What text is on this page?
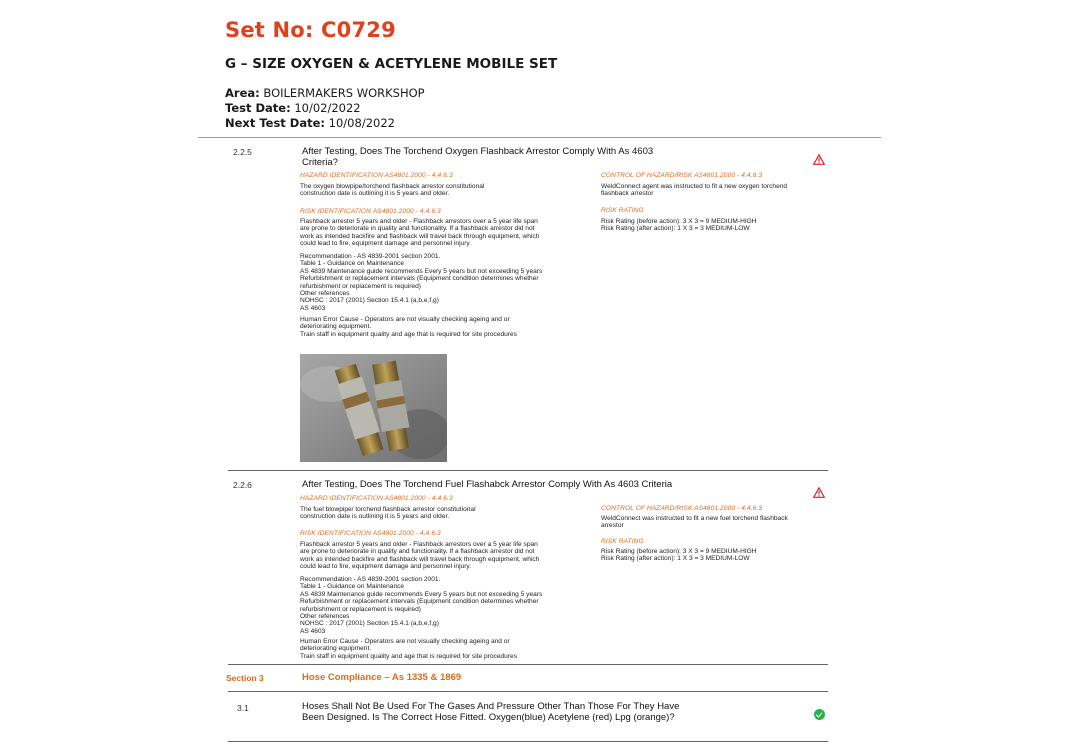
Set No: C0729
G – SIZE OXYGEN & ACETYLENE MOBILE SET
Area: BOILERMAKERS WORKSHOP
Test Date: 10/02/2022
Next Test Date: 10/08/2022
2.2.5	After Testing, Does The Torchend Oxygen Flashback Arrestor Comply With As 4603 Criteria?
HAZARD IDENTIFICATION AS4801.2000 - 4.4.6.3
The oxygen blowpipe/torchend flashback arrestor constitutional construction date is outlining it is 5 years and older.
RISK IDENTIFICATION AS4801.2000 - 4.4.6.3
Flashback arrestor 5 years and older - Flashback arrestors over a 5 year life span are prone to deteriorate in quality and functionality. If a flashback arrestor did not work as intended backfire and flashback will travel back through equipment, which could lead to fire, equipment damage and personnel injury.
Recommendation - AS 4839-2001 section 2001.
Table 1 - Guidance on Maintenance
AS 4839 Maintenance guide recommends Every 5 years but not exceeding 5 years Refurbishment or replacement intervals (Equipment condition determines whether refurbishment or replacement is required)
Other references
NOHSC : 2017 (2001) Section 15.4.1 (a,b,e,f,g)
AS 4603
Human Error Cause - Operators are not visually checking ageing and or deteriorating equipment.
Train staff in equipment quality and age that is required for site procedures
CONTROL OF HAZARD/RISK AS4801.2000 - 4.4.6.3
WeldConnect agent was instructed to fit a new oxygen torchend flashback arrestor
RISK RATING
Risk Rating (before action): 3 X 3 = 9 MEDIUM-HIGH
Risk Rating (after action): 1 X 3 = 3 MEDIUM-LOW
2.2.6	After Testing, Does The Torchend Fuel Flashabck Arrestor Comply With As 4603 Criteria
HAZARD IDENTIFICATION AS4801.2000 - 4.4.6.3
The fuel blowpipe/ torchend flashback arrestor constitutional construction date is outlining it is 5 years and older.
RISK IDENTIFICATION AS4801.2000 - 4.4.6.3
Flashback arrestor 5 years and older - Flashback arrestors over a 5 year life span are prone to deteriorate in quality and functionality. If a flashback arrestor did not work as intended backfire and flashback will travel back through equipment, which could lead to fire, equipment damage and personnel injury.
Recommendation - AS 4839-2001 section 2001.
Table 1 - Guidance on Maintenance
AS 4839 Maintenance guide recommends Every 5 years but not exceeding 5 years Refurbishment or replacement intervals (Equipment condition determines whether refurbishment or replacement is required)
Other references
NOHSC : 2017 (2001) Section 15.4.1 (a,b,e,f,g)
AS 4603
Human Error Cause - Operators are not visually checking ageing and or deteriorating equipment.
Train staff in equipment quality and age that is required for site procedures
CONTROL OF HAZARD/RISK AS4801.2000 - 4.4.6.3
WeldConnect was instructed to fit a new fuel torchend flashback arrestor
RISK RATING
Risk Rating (before action): 3 X 3 = 9 MEDIUM-HIGH
Risk Rating (after action): 1 X 3 = 3 MEDIUM-LOW
Section 3	Hose Compliance – As 1335 & 1869
3.1	Hoses Shall Not Be Used For The Gases And Pressure Other Than Those For They Have Been Designed. Is The Correct Hose Fitted. Oxygen(blue) Acetylene (red) Lpg (orange)?
